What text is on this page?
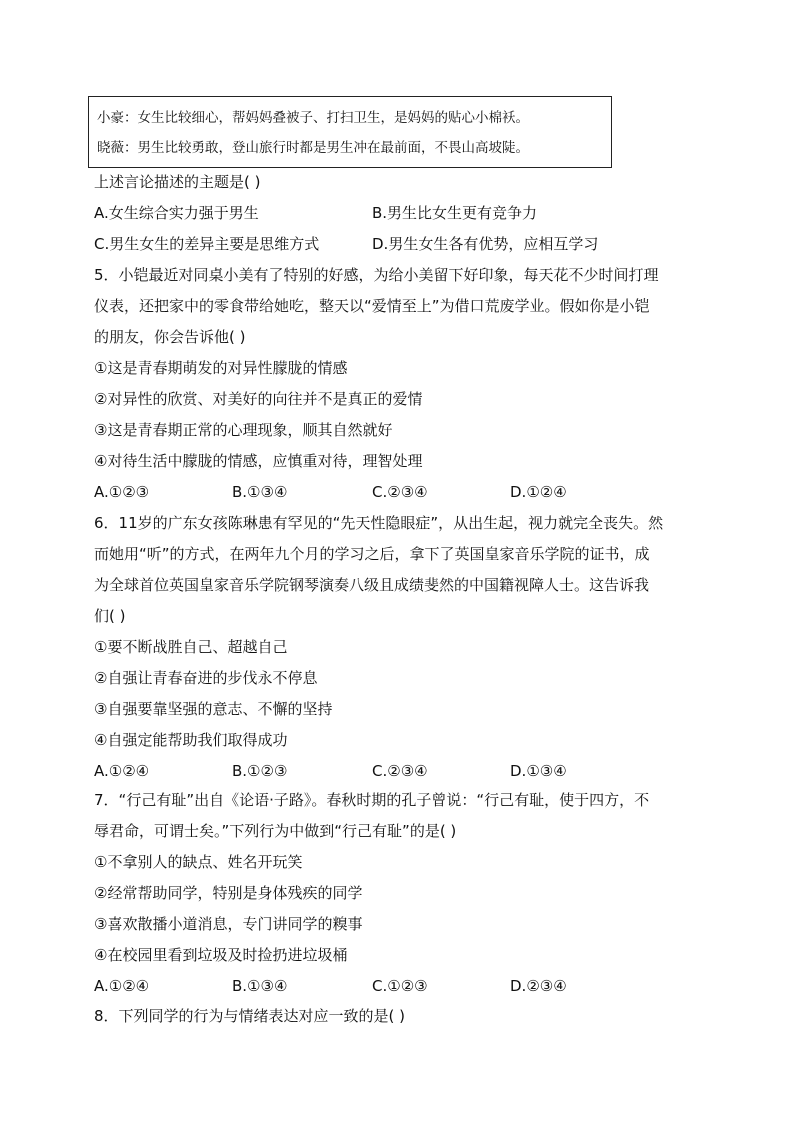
小豪：女生比较细心，帮妈妈叠被子、打扫卫生，是妈妈的贴心小棉袄。
晓薇：男生比较勇敢，登山旅行时都是男生冲在最前面，不畏山高坡陡。
上述言论描述的主题是( )
A.女生综合实力强于男生	B.男生比女生更有竞争力
C.男生女生的差异主要是思维方式	D.男生女生各有优势，应相互学习
5．小铠最近对同桌小美有了特别的好感，为给小美留下好印象，每天花不少时间打理
仪表，还把家中的零食带给她吃，整天以“爱情至上”为借口荒废学业。假如你是小铠
的朋友，你会告诉他( )
①这是青春期萌发的对异性朦胧的情感
②对异性的欣赏、对美好的向往并不是真正的爱情
③这是青春期正常的心理现象，顺其自然就好
④对待生活中朦胧的情感，应慎重对待，理智处理
A.①②③	B.①③④	C.②③④	D.①②④
6．11岁的广东女孩陈琳患有罕见的“先天性隐眼症”，从出生起，视力就完全丧失。然
而她用“听”的方式，在两年九个月的学习之后，拿下了英国皇家音乐学院的证书，成
为全球首位英国皇家音乐学院钢琴演奏八级且成绩斐然的中国籍视障人士。这告诉我
们( )
①要不断战胜自己、超越自己
②自强让青春奋进的步伐永不停息
③自强要靠坚强的意志、不懈的坚持
④自强定能帮助我们取得成功
A.①②④	B.①②③	C.②③④	D.①③④
7．“行己有耻”出自《论语·子路》。春秋时期的孔子曾说：“行己有耻，使于四方，不
辱君命，可谓士矣。”下列行为中做到“行己有耻”的是( )
①不拿别人的缺点、姓名开玩笑
②经常帮助同学，特别是身体残疾的同学
③喜欢散播小道消息，专门讲同学的糗事
④在校园里看到垃圾及时捡扔进垃圾桶
A.①②④	B.①③④	C.①②③	D.②③④
8．下列同学的行为与情绪表达对应一致的是( )
